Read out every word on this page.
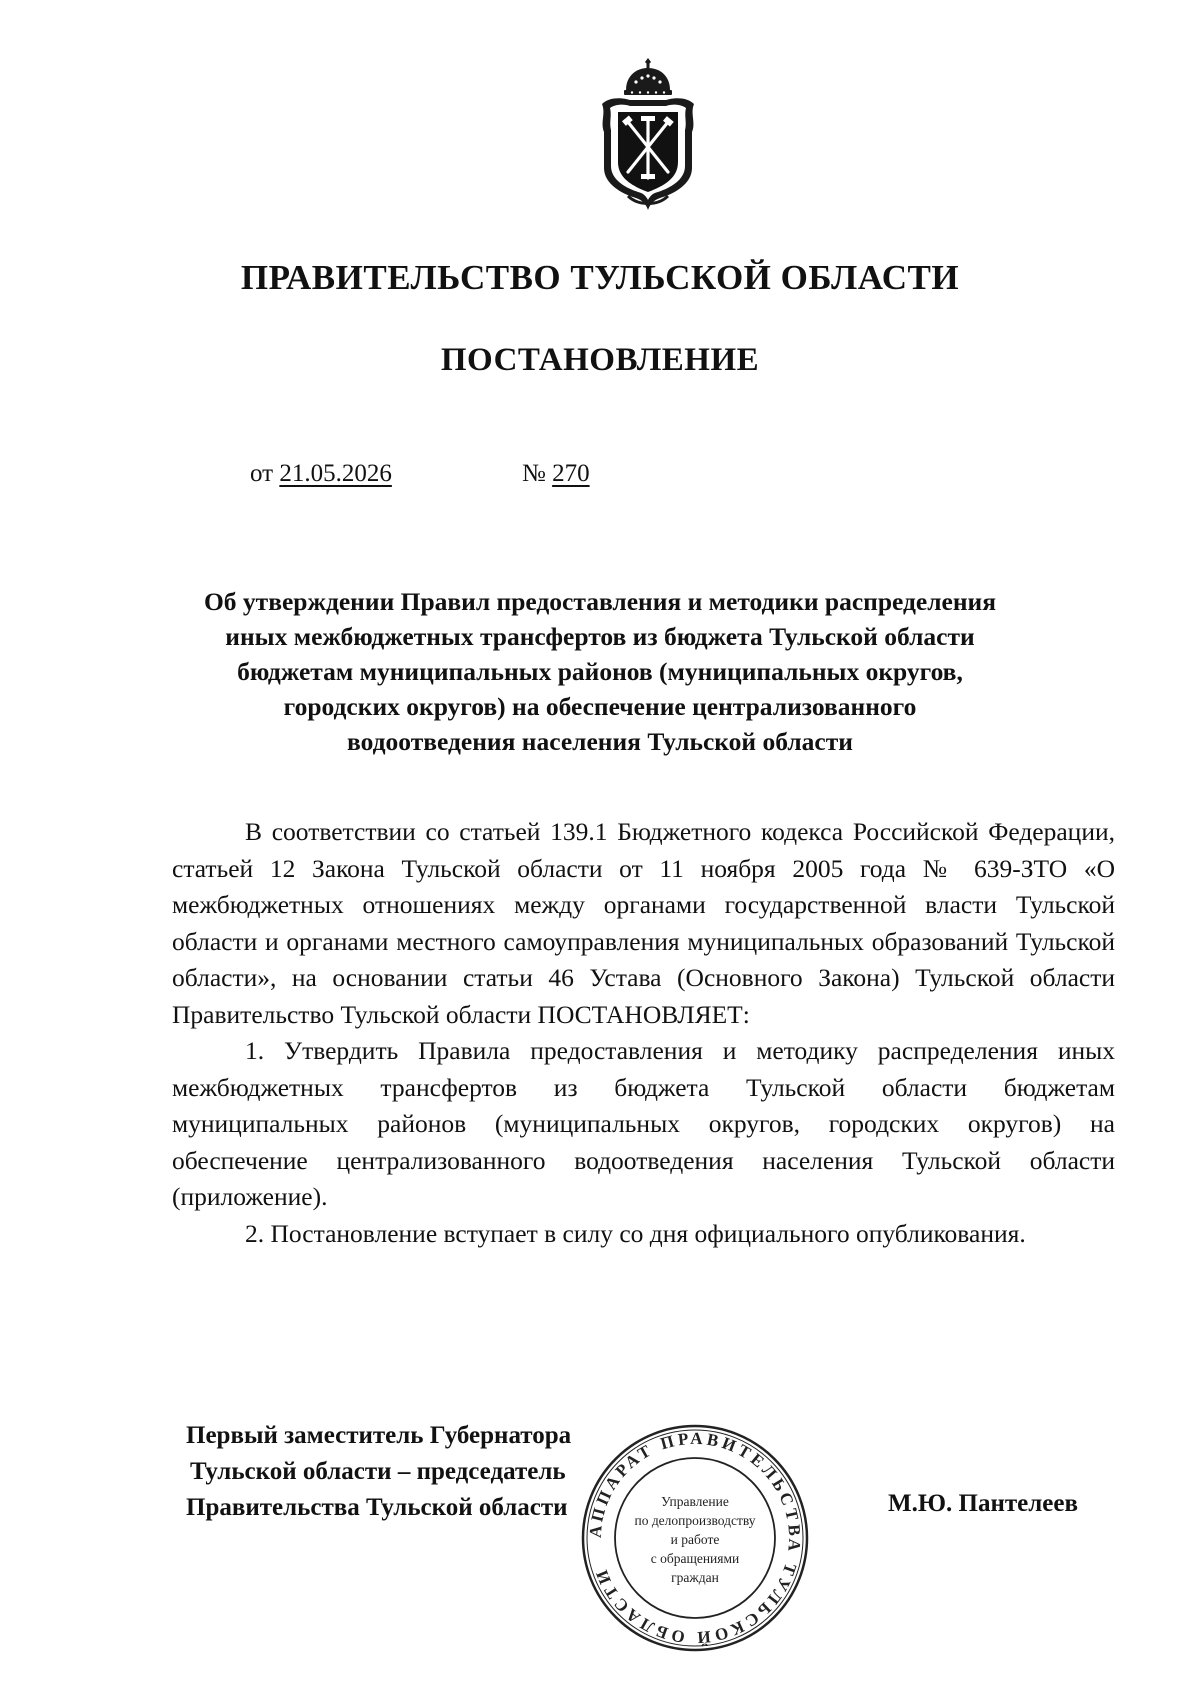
ПРАВИТЕЛЬСТВО ТУЛЬСКОЙ ОБЛАСТИ
ПОСТАНОВЛЕНИЕ
от 21.05.2026	№ 270
Об утверждении Правил предоставления и методики распределения
иных межбюджетных трансфертов из бюджета Тульской области
бюджетам муниципальных районов (муниципальных округов,
городских округов) на обеспечение централизованного
водоотведения населения Тульской области

В соответствии со статьей 139.1 Бюджетного кодекса Российской Федерации, статьей 12 Закона Тульской области от 11 ноября 2005 года № 639-ЗТО «О межбюджетных отношениях между органами государственной власти Тульской области и органами местного самоуправления муниципальных образований Тульской области», на основании статьи 46 Устава (Основного Закона) Тульской области Правительство Тульской области ПОСТАНОВЛЯЕТ:

1. Утвердить Правила предоставления и методику распределения иных межбюджетных трансфертов из бюджета Тульской области бюджетам муниципальных районов (муниципальных округов, городских округов) на обеспечение централизованного водоотведения населения Тульской области (приложение).

2. Постановление вступает в силу со дня официального опубликования.

Первый заместитель Губернатора
Тульской области – председатель
Правительства Тульской области	М.Ю. Пантелеев
АППАРАТ ПРАВИТЕЛЬСТВА ТУЛЬСКОЙ ОБЛАСТИ
Управление
по делопроизводству
и работе
с обращениями
граждан
